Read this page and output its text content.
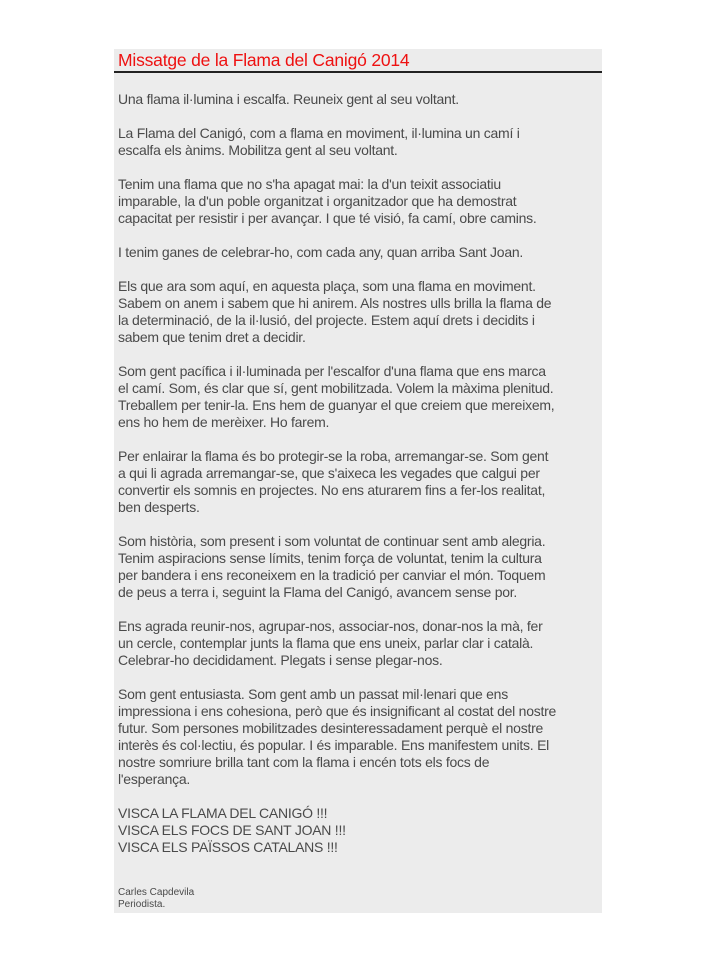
Missatge de la Flama del Canigó 2014

Una flama il·lumina i escalfa. Reuneix gent al seu voltant.

La Flama del Canigó, com a flama en moviment, il·lumina un camí i
escalfa els ànims. Mobilitza gent al seu voltant.

Tenim una flama que no s'ha apagat mai: la d'un teixit associatiu
imparable, la d'un poble organitzat i organitzador que ha demostrat
capacitat per resistir i per avançar. I que té visió, fa camí, obre camins.

I tenim ganes de celebrar-ho, com cada any, quan arriba Sant Joan.

Els que ara som aquí, en aquesta plaça, som una flama en moviment.
Sabem on anem i sabem que hi anirem. Als nostres ulls brilla la flama de
la determinació, de la il·lusió, del projecte. Estem aquí drets i decidits i
sabem que tenim dret a decidir.

Som gent pacífica i il·luminada per l'escalfor d'una flama que ens marca
el camí. Som, és clar que sí, gent mobilitzada. Volem la màxima plenitud.
Treballem per tenir-la. Ens hem de guanyar el que creiem que mereixem,
ens ho hem de merèixer. Ho farem.

Per enlairar la flama és bo protegir-se la roba, arremangar-se. Som gent
a qui li agrada arremangar-se, que s'aixeca les vegades que calgui per
convertir els somnis en projectes. No ens aturarem fins a fer-los realitat,
ben desperts.

Som història, som present i som voluntat de continuar sent amb alegria.
Tenim aspiracions sense límits, tenim força de voluntat, tenim la cultura
per bandera i ens reconeixem en la tradició per canviar el món. Toquem
de peus a terra i, seguint la Flama del Canigó, avancem sense por.

Ens agrada reunir-nos, agrupar-nos, associar-nos, donar-nos la mà, fer
un cercle, contemplar junts la flama que ens uneix, parlar clar i català.
Celebrar-ho decididament. Plegats i sense plegar-nos.

Som gent entusiasta. Som gent amb un passat mil·lenari que ens
impressiona i ens cohesiona, però que és insignificant al costat del nostre
futur. Som persones mobilitzades desinteressadament perquè el nostre
interès és col·lectiu, és popular. I és imparable. Ens manifestem units. El
nostre somriure brilla tant com la flama i encén tots els focs de
l'esperança.

VISCA LA FLAMA DEL CANIGÓ !!!
VISCA ELS FOCS DE SANT JOAN !!!
VISCA ELS PAÏSSOS CATALANS !!!

Carles Capdevila
Periodista.
